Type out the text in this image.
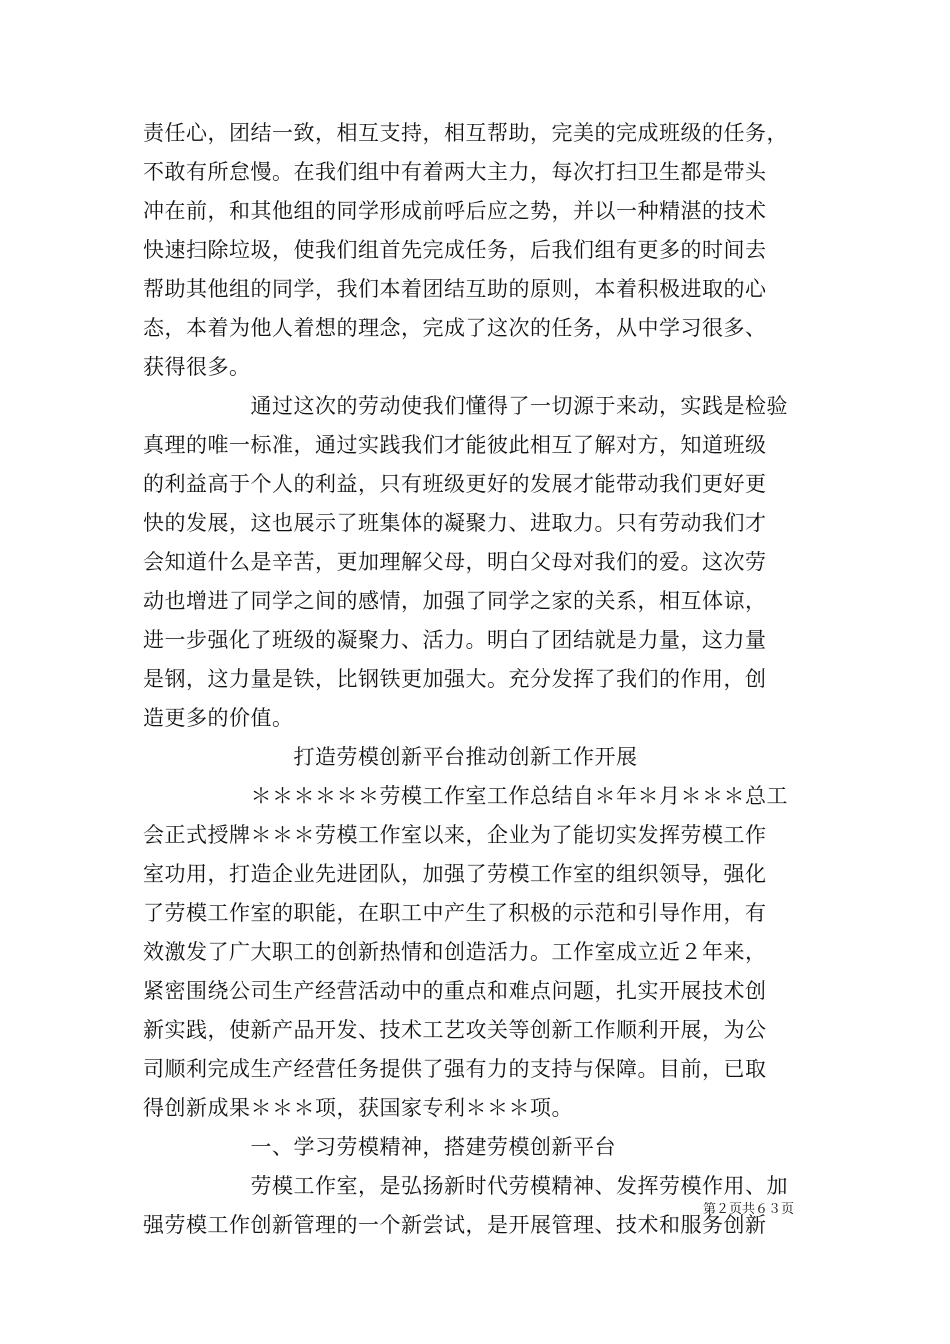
责任心，团结一致，相互支持，相互帮助，完美的完成班级的任务，
不敢有所怠慢。在我们组中有着两大主力，每次打扫卫生都是带头
冲在前，和其他组的同学形成前呼后应之势，并以一种精湛的技术
快速扫除垃圾，使我们组首先完成任务，后我们组有更多的时间去
帮助其他组的同学，我们本着团结互助的原则，本着积极进取的心
态，本着为他人着想的理念，完成了这次的任务，从中学习很多、
获得很多。
　　　　　通过这次的劳动使我们懂得了一切源于来动，实践是检验
真理的唯一标准，通过实践我们才能彼此相互了解对方，知道班级
的利益高于个人的利益，只有班级更好的发展才能带动我们更好更
快的发展，这也展示了班集体的凝聚力、进取力。只有劳动我们才
会知道什么是辛苦，更加理解父母，明白父母对我们的爱。这次劳
动也增进了同学之间的感情，加强了同学之家的关系，相互体谅，
进一步强化了班级的凝聚力、活力。明白了团结就是力量，这力量
是钢，这力量是铁，比钢铁更加强大。充分发挥了我们的作用，创
造更多的价值。
　　　　　　　打造劳模创新平台推动创新工作开展
　　　　　＊＊＊＊＊＊劳模工作室工作总结自＊年＊月＊＊＊总工
会正式授牌＊＊＊劳模工作室以来，企业为了能切实发挥劳模工作
室功用，打造企业先进团队，加强了劳模工作室的组织领导，强化
了劳模工作室的职能，在职工中产生了积极的示范和引导作用，有
效激发了广大职工的创新热情和创造活力。工作室成立近２年来，
紧密围绕公司生产经营活动中的重点和难点问题，扎实开展技术创
新实践，使新产品开发、技术工艺攻关等创新工作顺利开展，为公
司顺利完成生产经营任务提供了强有力的支持与保障。目前，已取
得创新成果＊＊＊项，获国家专利＊＊＊项。
　　　　　一、学习劳模精神，搭建劳模创新平台
　　　　　劳模工作室，是弘扬新时代劳模精神、发挥劳模作用、加
强劳模工作创新管理的一个新尝试，是开展管理、技术和服务创新
第２页共６３页
